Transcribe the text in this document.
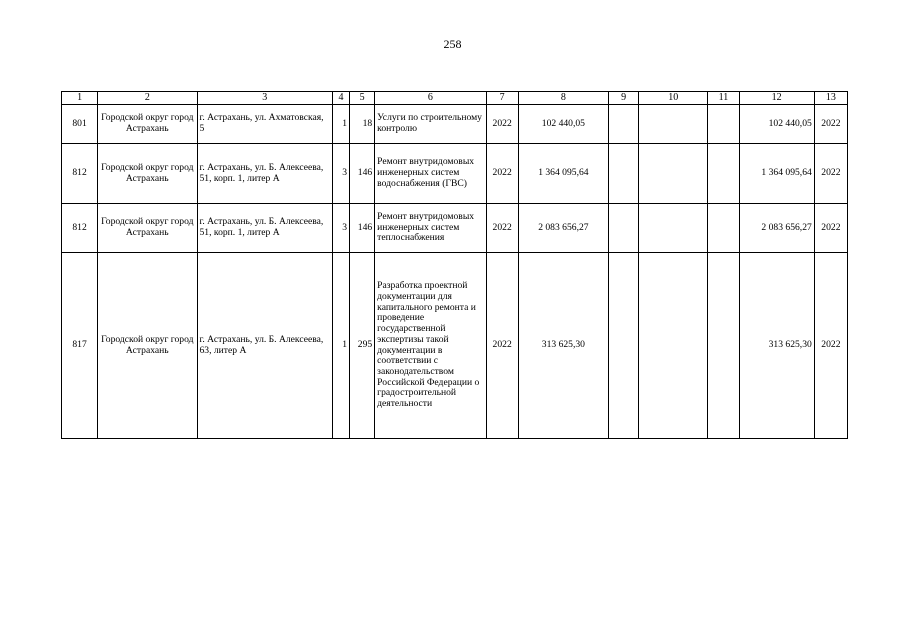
258
1	2	3	4	5	6	7	8	9	10	11	12	13
801	Городской округ город Астрахань	г. Астрахань, ул. Ахматовская, 5	1	18	Услуги по строительному контролю	2022	102 440,05				102 440,05	2022
812	Городской округ город Астрахань	г. Астрахань, ул. Б. Алексеева, 51, корп. 1, литер А	3	146	Ремонт внутридомовых инженерных систем водоснабжения (ГВС)	2022	1 364 095,64				1 364 095,64	2022
812	Городской округ город Астрахань	г. Астрахань, ул. Б. Алексеева, 51, корп. 1, литер А	3	146	Ремонт внутридомовых инженерных систем теплоснабжения	2022	2 083 656,27				2 083 656,27	2022
817	Городской округ город Астрахань	г. Астрахань, ул. Б. Алексеева, 63, литер А	1	295	Разработка проектной документации для капитального ремонта и проведение государственной экспертизы такой документации в соответствии с законодательством Российской Федерации о градостроительной деятельности	2022	313 625,30				313 625,30	2022
